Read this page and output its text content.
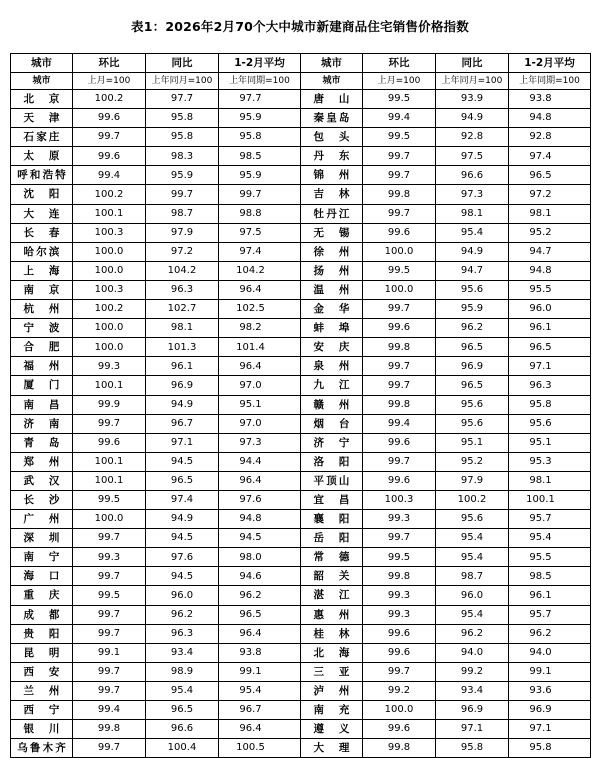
表1：2026年2月70个大中城市新建商品住宅销售价格指数
城市	环比	同比	1-2月平均	城市	环比	同比	1-2月平均
城市	上月=100	上年同月=100	上年同期=100	城市	上月=100	上年同月=100	上年同期=100
北　京	100.2	97.7	97.7	唐　山	99.5	93.9	93.8
天　津	99.6	95.8	95.9	秦皇岛	99.4	94.9	94.8
石家庄	99.7	95.8	95.8	包　头	99.5	92.8	92.8
太　原	99.6	98.3	98.5	丹　东	99.7	97.5	97.4
呼和浩特	99.4	95.9	95.9	锦　州	99.7	96.6	96.5
沈　阳	100.2	99.7	99.7	吉　林	99.8	97.3	97.2
大　连	100.1	98.7	98.8	牡丹江	99.7	98.1	98.1
长　春	100.3	97.9	97.5	无　锡	99.6	95.4	95.2
哈尔滨	100.0	97.2	97.4	徐　州	100.0	94.9	94.7
上　海	100.0	104.2	104.2	扬　州	99.5	94.7	94.8
南　京	100.3	96.3	96.4	温　州	100.0	95.6	95.5
杭　州	100.2	102.7	102.5	金　华	99.7	95.9	96.0
宁　波	100.0	98.1	98.2	蚌　埠	99.6	96.2	96.1
合　肥	100.0	101.3	101.4	安　庆	99.8	96.5	96.5
福　州	99.3	96.1	96.4	泉　州	99.7	96.9	97.1
厦　门	100.1	96.9	97.0	九　江	99.7	96.5	96.3
南　昌	99.9	94.9	95.1	赣　州	99.8	95.6	95.8
济　南	99.7	96.7	97.0	烟　台	99.4	95.6	95.6
青　岛	99.6	97.1	97.3	济　宁	99.6	95.1	95.1
郑　州	100.1	94.5	94.4	洛　阳	99.7	95.2	95.3
武　汉	100.1	96.5	96.4	平顶山	99.6	97.9	98.1
长　沙	99.5	97.4	97.6	宜　昌	100.3	100.2	100.1
广　州	100.0	94.9	94.8	襄　阳	99.3	95.6	95.7
深　圳	99.7	94.5	94.5	岳　阳	99.7	95.4	95.4
南　宁	99.3	97.6	98.0	常　德	99.5	95.4	95.5
海　口	99.7	94.5	94.6	韶　关	99.8	98.7	98.5
重　庆	99.5	96.0	96.2	湛　江	99.3	96.0	96.1
成　都	99.7	96.2	96.5	惠　州	99.3	95.4	95.7
贵　阳	99.7	96.3	96.4	桂　林	99.6	96.2	96.2
昆　明	99.1	93.4	93.8	北　海	99.6	94.0	94.0
西　安	99.7	98.9	99.1	三　亚	99.7	99.2	99.1
兰　州	99.7	95.4	95.4	泸　州	99.2	93.4	93.6
西　宁	99.4	96.5	96.7	南　充	100.0	96.9	96.9
银　川	99.8	96.6	96.4	遵　义	99.6	97.1	97.1
乌鲁木齐	99.7	100.4	100.5	大　理	99.8	95.8	95.8
